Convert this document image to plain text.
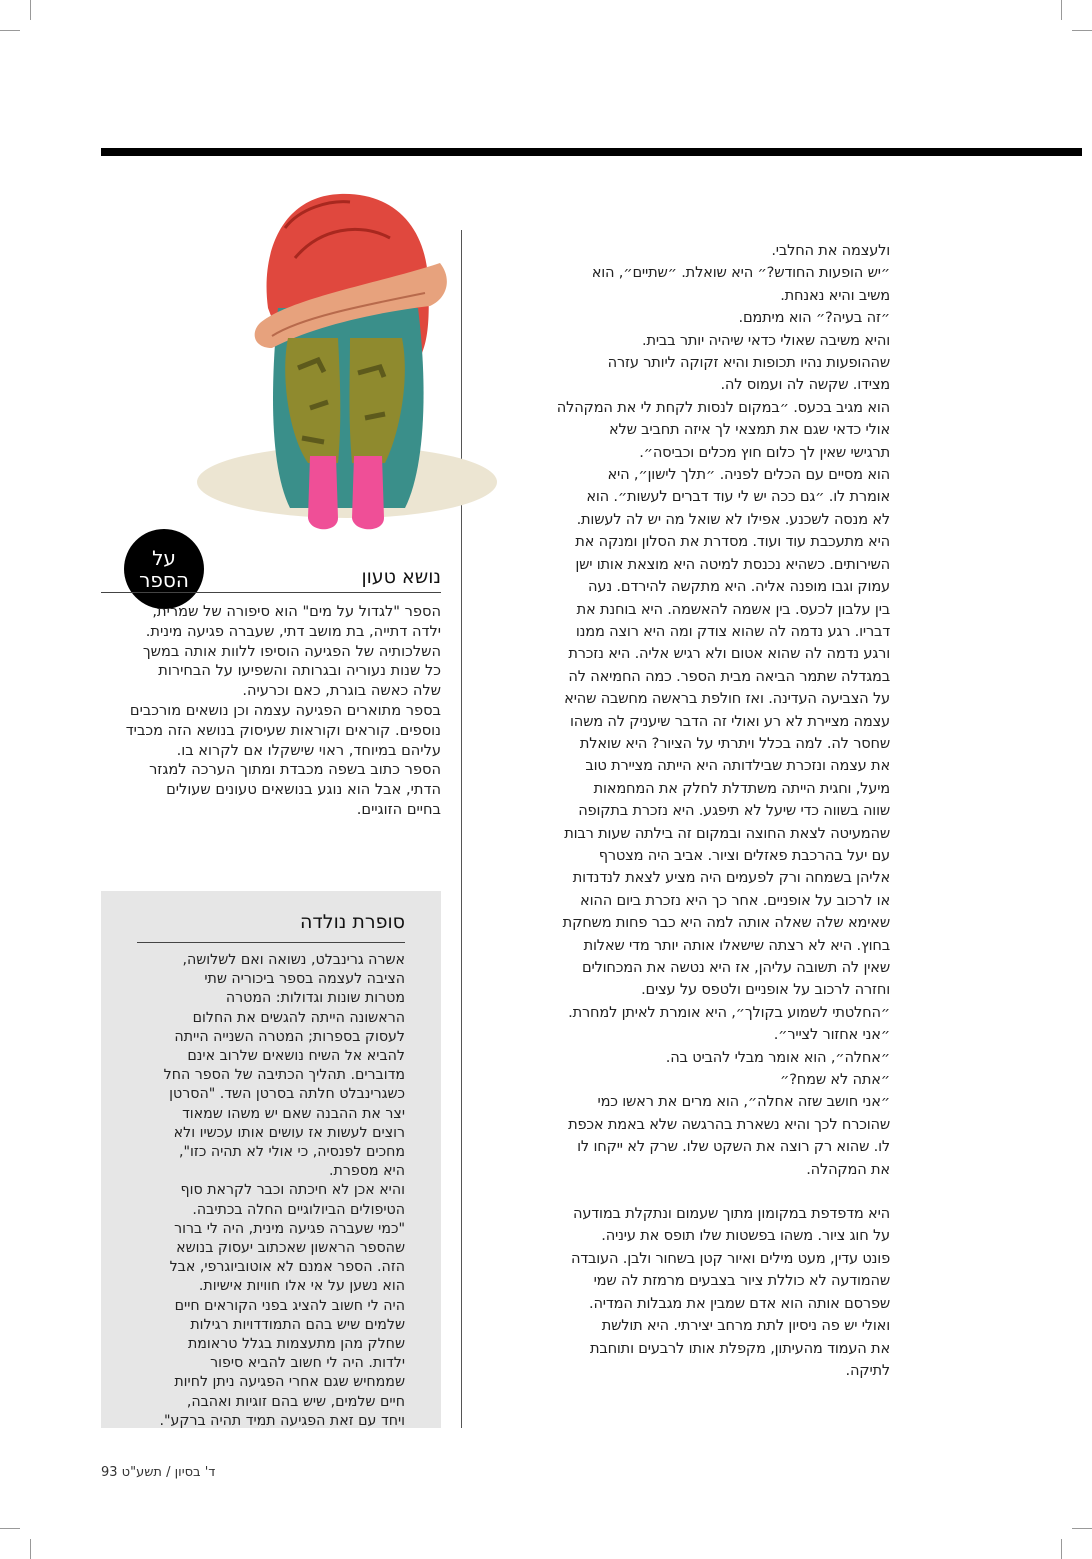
ולעצמה את החלבי.

״יש הופעות החודש?״ היא שואלת. ״שתיים״, הוא

משיב והיא נאנחת.

״זה בעיה?״ הוא מיתמם.

והיא משיבה שאולי כדאי שיהיה יותר בבית.

שההופעות נהיו תכופות והיא זקוקה ליותר עזרה

מצידו. שקשה לה ועמוס לה.

הוא מגיב בכעס. ״במקום לנסות לקחת לי את המקהלה

אולי כדאי שגם את תמצאי לך איזה תחביב שלא

תרגישי שאין לך כלום חוץ מכלים וכביסה״.

הוא מסיים עם הכלים לפניה. ״תלך לישון״, היא

אומרת לו. ״גם ככה יש לי עוד דברים לעשות״. הוא

לא מנסה לשכנע. אפילו לא שואל מה יש לה לעשות.

היא מתעכבת עוד ועוד. מסדרת את הסלון ומנקה את

השירותים. כשהיא נכנסת למיטה היא מוצאת אותו ישן

עמוק וגבו מופנה אליה. היא מתקשה להירדם. נעה

בין עלבון לכעס. בין אשמה להאשמה. היא בוחנת את

דבריו. רגע נדמה לה שהוא צודק ומה היא רוצה ממנו

ורגע נדמה לה שהוא אטום ולא רגיש אליה. היא נזכרת

במגדלה שתמר הביאה מבית הספר. כמה החמיאה לה

על הצביעה העדינה. ואז חולפת בראשה מחשבה שהיא

עצמה מציירת לא רע ואולי זה הדבר שיעניק לה משהו

שחסר לה. למה בכלל ויתרתי על הציור? היא שואלת

את עצמה ונזכרת שבילדותה היא הייתה מציירת טוב

מיעל, וחגית הייתה משתדלת לחלק את המחמאות

שווה בשווה כדי שיעל לא תיפגע. היא נזכרת בתקופה

שהמעיטה לצאת החוצה ובמקום זה בילתה שעות רבות

עם יעל בהרכבת פאזלים וציור. אביב היה מצטרף

אליהן בשמחה ורק לפעמים היה מציע לצאת לנדנדות

או לרכוב על אופניים. אחר כך היא נזכרת ביום ההוא

שאימא שלה שאלה אותה למה היא כבר פחות משחקת

בחוץ. היא לא רצתה שישאלו אותה יותר מדי שאלות

שאין לה תשובה עליהן, אז היא נטשה את המכחולים

וחזרה לרכוב על אופניים ולטפס על עצים.

״החלטתי לשמוע בקולך״, היא אומרת לאיתן למחרת.

״אני אחזור לצייר״.

״אחלה״, הוא אומר מבלי להביט בה.

״אתה לא שמח?״

״אני חושב שזה אחלה״, הוא מרים את ראשו כמי

שהוכרח לכך והיא נשארת בהרגשה שלא באמת אכפת

לו. שהוא רק רוצה את השקט שלו. שרק לא ייקחו לו

את המקהלה.

היא מדפדפת במקומון מתוך שעמום ונתקלת במודעה

על חוג ציור. משהו בפשטות שלו תופס את עיניה.

פונט עדין, מעט מילים ואיור קטן בשחור ולבן. העובדה

שהמודעה לא כוללת ציור בצבעים מרמזת לה שמי

שפרסם אותה הוא אדם שמבין את מגבלות המדיה.

ואולי יש פה ניסיון לתת מרחב יצירתי. היא תולשת

את העמוד מהעיתון, מקפלת אותו לרבעים ותוחבת

לתיקה.

על
הספר	נושא טעון

הספר "לגדול על מים" הוא סיפורה של שמרית,

ילדה דתייה, בת מושב דתי, שעברה פגיעה מינית.

השלכותיה של הפגיעה הוסיפו ללוות אותה במשך

כל שנות נעוריה ובגרותה והשפיעו על הבחירות

שלה כאשה בוגרת, כאם וכרעיה.

בספר מתוארים הפגיעה עצמה וכן נושאים מורכבים

נוספים. קוראים וקוראות שעיסוק בנושא הזה מכביד

עליהם במיוחד, ראוי שישקלו אם לקרוא בו.

הספר כתוב בשפה מכבדת ומתוך הערכה למגזר

הדתי, אבל הוא נוגע בנושאים טעונים שעולים

בחיים הזוגיים.

סופרת נולדה

אשרה גרינבלט, נשואה ואם לשלושה,

הציבה לעצמה בספר ביכוריה שתי

מטרות שונות וגדולות: המטרה

הראשונה הייתה להגשים את החלום

לעסוק בספרות; המטרה השנייה הייתה

להביא אל השיח נושאים שלרוב אינם

מדוברים. תהליך הכתיבה של הספר החל

כשגרינבלט חלתה בסרטן השד. "הסרטן

יצר את ההבנה שאם יש משהו שמאוד

רוצים לעשות אז עושים אותו עכשיו ולא

מחכים לפנסיה, כי אולי לא תהיה כזו",

היא מספרת.

והיא אכן לא חיכתה וכבר לקראת סוף

הטיפולים הביולוגיים החלה בכתיבה.

"כמי שעברה פגיעה מינית, היה לי ברור

שהספר הראשון שאכתוב יעסוק בנושא

הזה. הספר אמנם לא אוטוביוגרפי, אבל

הוא נשען על אי אלו חוויות אישיות.

היה לי חשוב להציג בפני הקוראים חיים

שלמים שיש בהם התמודדויות רגילות

שחלק מהן מתעצמות בגלל טראומת

ילדות. היה לי חשוב להביא סיפור

שממחיש שגם אחרי הפגיעה ניתן לחיות

חיים שלמים, שיש בהם זוגיות ואהבה,

ויחד עם זאת הפגיעה תמיד תהיה ברקע".

ד' בסיון / תשע"ט 93
